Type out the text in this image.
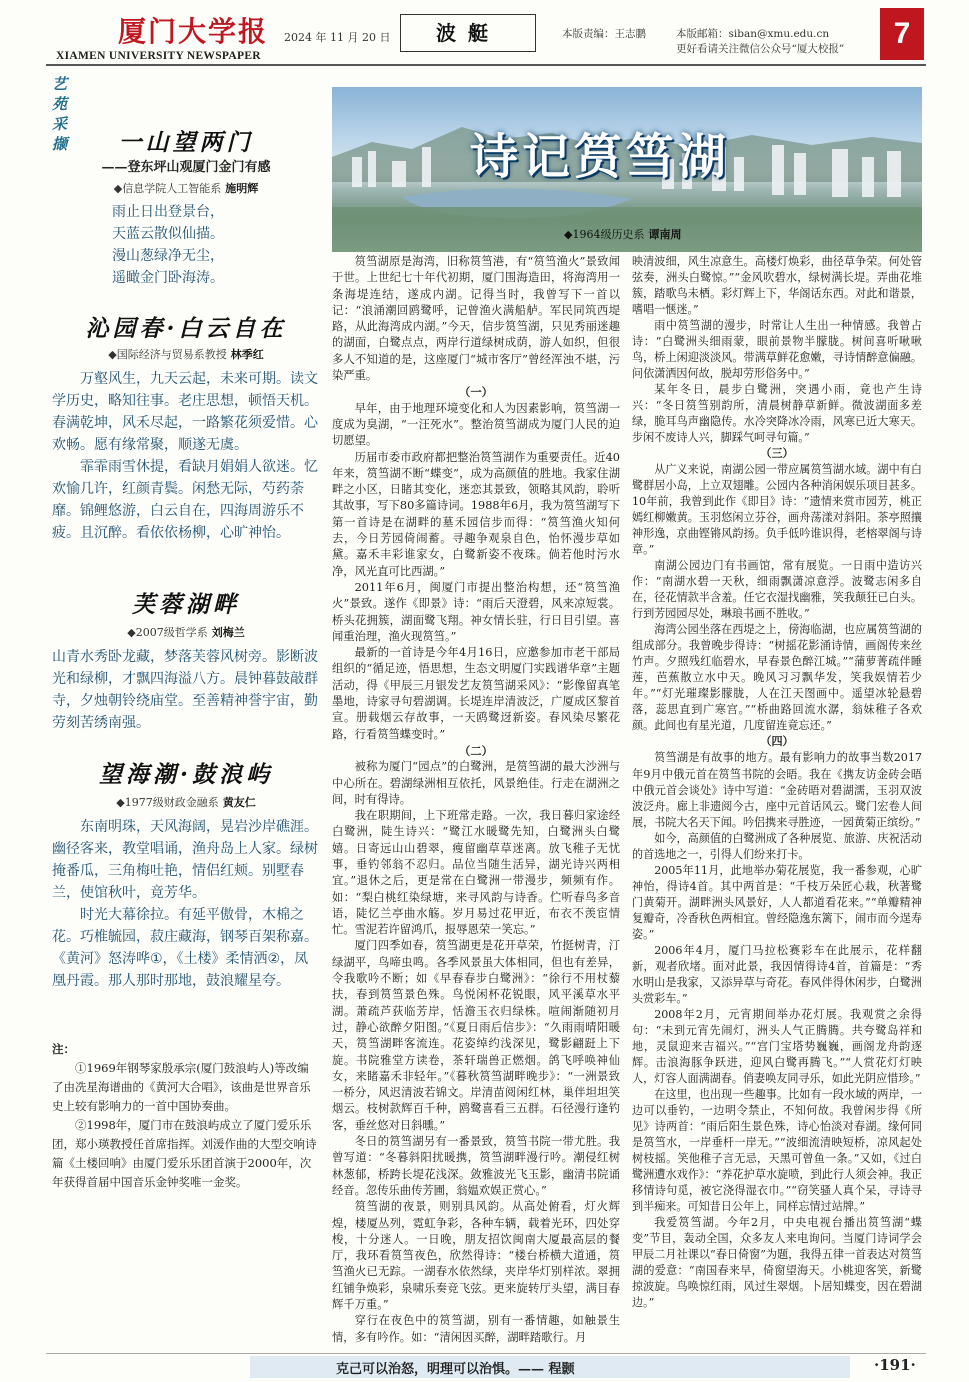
厦门大学报
XIAMEN UNIVERSITY NEWSPAPER
2024 年 11 月 20 日	波艇	本版责编：王志鹏	本版邮箱：siban@xmu.edu.cn
更好看请关注微信公众号“厦大校报”	7
艺苑采撷	一山望两门
——登东坪山观厦门金门有感
◆信息学院人工智能系 施明辉
雨止日出登景台，
天蓝云散似仙描。
漫山葱绿净无尘，
遥瞰金门卧海涛。
沁园春·白云自在
◆国际经济与贸易系教授 林季红
万壑风生，九天云起，未来可期。读文学历史，略知往事。老庄思想，顿悟天机。春满乾坤，风禾尽起，一路繁花须爱惜。心欢畅。愿有缘常聚，顺遂无虞。
霏霏雨雪休提，看缺月娟娟人欲迷。忆欢愉几许，红颜青鬓。闲愁无际，芍药荼靡。锦鲤悠游，白云自在，四海周游乐不疲。且沉醉。看依依杨柳，心旷神怡。
芙蓉湖畔
◆2007级哲学系 刘梅兰
山青水秀卧龙藏，梦落芙蓉风树旁。影断波光和绿柳，才飘四海溢八方。晨钟暮鼓敲群寺，夕烛朝铃绕庙堂。至善精神誉宇宙，勤劳刻苦绣南强。
望海潮·鼓浪屿
◆1977级财政金融系 黄友仁
东南明珠，天风海阔，晃岩沙岸礁涯。幽径客来，教堂唱诵，渔舟岛上人家。绿树掩番瓜，三角梅吐艳，情侣红颊。别墅春兰，使馆秋叶，竟芳华。
时光大幕徐拉。有延平傲骨，木棉之花。巧椎毓园，菽庄藏海，钢琴百架称嘉。《黄河》怒涛哗①，《土楼》柔情洒②，凤凰丹霞。那人那时那地，鼓浪耀星夸。
注：

①1969年钢琴家殷承宗(厦门鼓浪屿人)等改编了由冼星海谱曲的《黄河大合唱》，该曲是世界音乐史上较有影响力的一首中国协奏曲。

②1998年，厦门市在鼓浪屿成立了厦门爱乐乐团，郑小瑛教授任首席指挥。刘湲作曲的大型交响诗篇《土楼回响》由厦门爱乐乐团首演于2000年，次年获得首届中国音乐金钟奖唯一金奖。

诗记筼筜湖
◆1964级历史系 谭南周

筼筜湖原是海湾，旧称筼筜港，有“筼筜渔火”景致闻于世。上世纪七十年代初期，厦门围海造田，将海湾用一条海堤连结，遂成内湖。记得当时，我曾写下一首以记：“浪涌潮回鸥鹭呼，记曾渔火满船舻。军民同筑西堤路，从此海湾成内湖。”今天，信步筼筜湖，只见秀丽迷趣的湖面，白鹭点点，两岸行道绿树成荫，游人如织，但很多人不知道的是，这座厦门“城市客厅”曾经浑浊不堪，污染严重。

（一）

早年，由于地理环境变化和人为因素影响，筼筜湖一度成为臭湖，“一汪死水”。整治筼筜湖成为厦门人民的迫切愿望。

历届市委市政府都把整治筼筜湖作为重要责任。近40年来，筼筜湖不断“蝶变”，成为高颜值的胜地。我家住湖畔之小区，日睹其变化，迷恋其景致，领略其风韵，聆听其故事，写下80多篇诗词。1988年6月，我为筼筜湖写下第一首诗是在湖畔的墓禾园信步而得：“筼筜渔火知何去，今日芳园倚闹蓄。寻趣争观泉自色，怡怀漫步草如黛。嘉禾丰彩谁家女，白鹭新姿不夜珠。倘若他时污水净，风光直可比西湖。”

2011年6月，闽厦门市提出整治构想，还“筼筜渔火”景致。遂作《即景》诗：“雨后天澄碧，风来凉短裳。桥头花拥簇，湖面鹭飞翔。神女情长驻，行日目引望。喜闻重治理，渔火现筼筜。”

最新的一首诗是今年4月16日，应邀参加市老干部局组织的“循足迹，悟思想，生态文明厦门实践谱华章”主题活动，得《甲辰三月银发艺友筼筜湖采风》：“影像留真笔墨地，诗家寻句碧湖调。长堤连岸清波泛，广厦成区黎首宣。册载烟云存故事，一天鸥鹭迓新姿。春风染尽繁花路，行看筼筜蝶变时。”

（二）

被称为厦门“园点”的白鹭洲，是筼筜湖的最大沙洲与中心所在。碧湖绿洲相互依托，风景绝佳。行走在湖洲之间，时有得诗。

我在职期间，上下班常走路。一次，我日暮归家途经白鹭洲，陡生诗兴：“鹭江水暖鹭先知，白鹭洲头白鹭嬉。日寄远山山碧翠，瘦留幽草草迷离。放飞稚子无忧事，垂钓邻翁不忍归。品位当随生活异，湖光诗兴两相宜。”退休之后，更是常在白鹭洲一带漫步，频频有作。如：“梨白桃红染绿塘，来寻风韵与诗香。伫听春鸟多音语，陡忆兰亭曲水觞。岁月易过花甲近，布衣不羡宦情忙。雪泥若许留鸿爪，报辱恩荣一笑忘。”

厦门四季如春，筼筜湖更是花开草荣，竹挺树青，汀绿湖平，鸟啼虫鸣。各季风景虽大体相同，但也有差异，令我歌吟不断；如《早春春步白鹭洲》：“徐行不用杖藜扶，春到筼筜景色殊。鸟悦闲杯花锐眼，风平溪草水平湖。萧疏芦荻临芳岸，恬澹玉衣归绿株。喧闹渐随初月过，静心欲醉夕阳图。”《夏日雨后信步》：“久雨雨晴阳暖天，筼筜湖畔客流连。花姿绰约浅深见，鹭影翩跹上下旋。书院雅堂方读卷，茶轩瑞兽正燃烟。鸽飞呼唤神仙女，来睹嘉禾非轻年。”《暮秋筼筜湖畔晚步》：“一洲景致一桥分，风迟清波若锦文。岸清苗阅闲红林，巢伴坦坦笑烟云。枝树款辉百千种，鸥鹭喜看三五群。石径漫行逢钓客，垂丝悠对日斜曛。”

冬日的筼筜湖另有一番景致，筼筜书院一带尤胜。我曾写道：“冬暮斜阳扰暖携，筼筜湖畔漫行吟。潮侵红树林葱郁，桥跨长堤花浅深。敛雅波光飞玉影，幽清书院诵经音。忽传乐曲传芳圃，翁媪欢娱正赏心。”

筼筜湖的夜景，则别具风韵。从高处俯看，灯火辉煌，楼厦丛列，霓虹争彩，各种车辆，载着光环，四处穿梭，十分迷人。一日晚，朋友招饮闽南大厦最高层的餐厅，我环看筼筜夜色，欣然得诗：“楼台桥横大道通，筼筜渔火已无踪。一湖春水依然绿，夹岸华灯别样浓。翠拥红铺争焕彩，泉啸乐奏竞飞弦。更来旋转厅头望，满目春辉千万重。”

穿行在夜色中的筼筜湖，别有一番情趣，如触景生情，多有吟作。如：“清闲因买醉，湖畔踏歌行。月

映清波细，风生凉意生。高楼灯焕彩，曲径草争荣。何处管弦奏，洲头白鹭惊。”“金风吹碧水，绿树满长堤。弄曲花堆簇，踏歌鸟未栖。彩灯辉上下，华阁话东西。对此和谐景，嗜唱一惬迷。”

雨中筼筜湖的漫步，时常让人生出一种情感。我曾占诗：“白鹭洲头细雨蒙，眼前景物半朦胧。树间喜听啾啾鸟，桥上闲迎淡淡风。带满草鲜花愈嫩，寻诗情醉意偏融。问依潇洒因何故，脱却劳形俗务中。”

某年冬日，晨步白鹭洲，突遇小雨，竟也产生诗兴：“冬日筼筜别韵所，清晨树静草新鲜。微波湖面多差绿，脆耳鸟声幽隐传。水冷突降冰冷雨，风寒已近大寒天。步闲不废诗人兴，脚踩气呵寻句篇。”

（三）

从广义来说，南湖公园一带应属筼筜湖水域。湖中有白鹭群居小岛，上立双翅雕。公园内各种消闲娱乐项目甚多。10年前，我曾到此作《即目》诗：“遗情来赏市园芳，桃正嫣红柳嫩黄。玉羽悠闲立芬谷，画舟荡漾对斜阳。茶亭照攘神形逸，京曲铿锵风韵扬。负手低吟谁识得，老榕翠阁与诗章。”

南湖公园边门有书画馆，常有展览。一日雨中造访兴作：“南湖水碧一天秋，细雨飘潇凉意浮。波鹭志闲多自在，径花情款半含羞。任它衣湿找幽雅，笑我颠狂已白头。行到芳园园尽处，琳琅书画不胜收。”

海湾公园坐落在西堤之上，傍海临湖，也应属筼筜湖的组成部分。我曾晚步得诗：“树摇花影涌诗情，画阁传来丝竹声。夕照残红临碧水，早春景色醉江城。”“蒲萝菁疏伴睡莲，芭蕉散立水中天。晚风习习飘华发，笑我娱情若少年。”“灯光璀璨影朦胧，人在江天图画中。遥望冰轮悬碧落，蕊思直到广寒宫。”“桥曲路回流水潺，翁妹稚子各欢颜。此间也有星光道，几度留连竟忘还。”

（四）

筼筜湖是有故事的地方。最有影响力的故事当数2017年9月中俄元首在筼筜书院的会晤。我在《携友访金砖会晤中俄元首会谈处》诗中写道：“金砖晤对碧湖濡，玉羽双波波泛舟。廊上非遗阅今古，座中元首话风云。鹭门宏卷人间展，书院大名天下闻。吟侣携来寻胜迹，一园黄菊正缤纷。”

如今，高颜值的白鹭洲成了各种展览、旅游、庆祝活动的首选地之一，引得人们纷来打卡。

2005年11月，此地举办菊花展览，我一番参观，心旷神怡，得诗4首。其中两首是：“千枝万朵匠心栽，秋著鹭门黄菊开。湖畔洲头风景好，人人都道看花来。”“单瓣精神复瓣奇，冷香秋色两相宜。曾经隐逸东篱下，闹市而今逞寿姿。”

2006年4月，厦门马拉松赛彩车在此展示，花样翻新，观者欣堵。面对此景，我因情得诗4首，首篇是：“秀水明山是我家，又添异草与奇花。春风伴得休闲步，白鹭洲头赏彩车。”

2008年2月，元宵期间举办花灯展。我观赏之余得句：“未到元宵先闹灯，洲头人气正腾腾。共夸鹭岛祥和地，灵鼠迎来吉福兴。”“宫门宝塔势巍巍，画阁龙舟韵逐辉。击浪海豚争跃进，迎风白鹭再腾飞。”“人赏花灯灯映人，灯容人面满湖春。俏妻唤友同寻乐，如此光阴应惜珍。”

在这里，也出现一些趣事。比如有一段水域的两岸，一边可以垂钓，一边明令禁止，不知何故。我曾闲步得《所见》诗两首：“雨后阳生景色殊，诗心怡淡对春湖。缘何同是筼筜水，一岸垂杆一岸无。”“波细流清映短桥，凉风起处树枝摇。笑他稚子言无忌，天黑可曾鱼一条。”又如，《过白鹭洲遭水戏作》：“养花护草水旋喷，到此行人须会神。我正移情诗句觅，被它浇得湿衣巾。”“窃笑骚人真个呆，寻诗寻到半痴来。可知昔日公年上，同样忘情过站牌。”

我爱筼筜湖。今年2月，中央电视台播出筼筜湖“蝶变”节目，轰动全国，众多友人来电询问。当厦门诗词学会甲辰二月社课以“春日倚窗”为题，我得五律一首表达对筼筜湖的爱意：“南国春来早，倚窗望海天。小桃迎客笑，新鹭掠波旋。鸟唤惊红雨，风过生翠烟。卜居知蝶变，因在碧湖边。”

克己可以治怒，明理可以治惧。—— 程颢	·191·
